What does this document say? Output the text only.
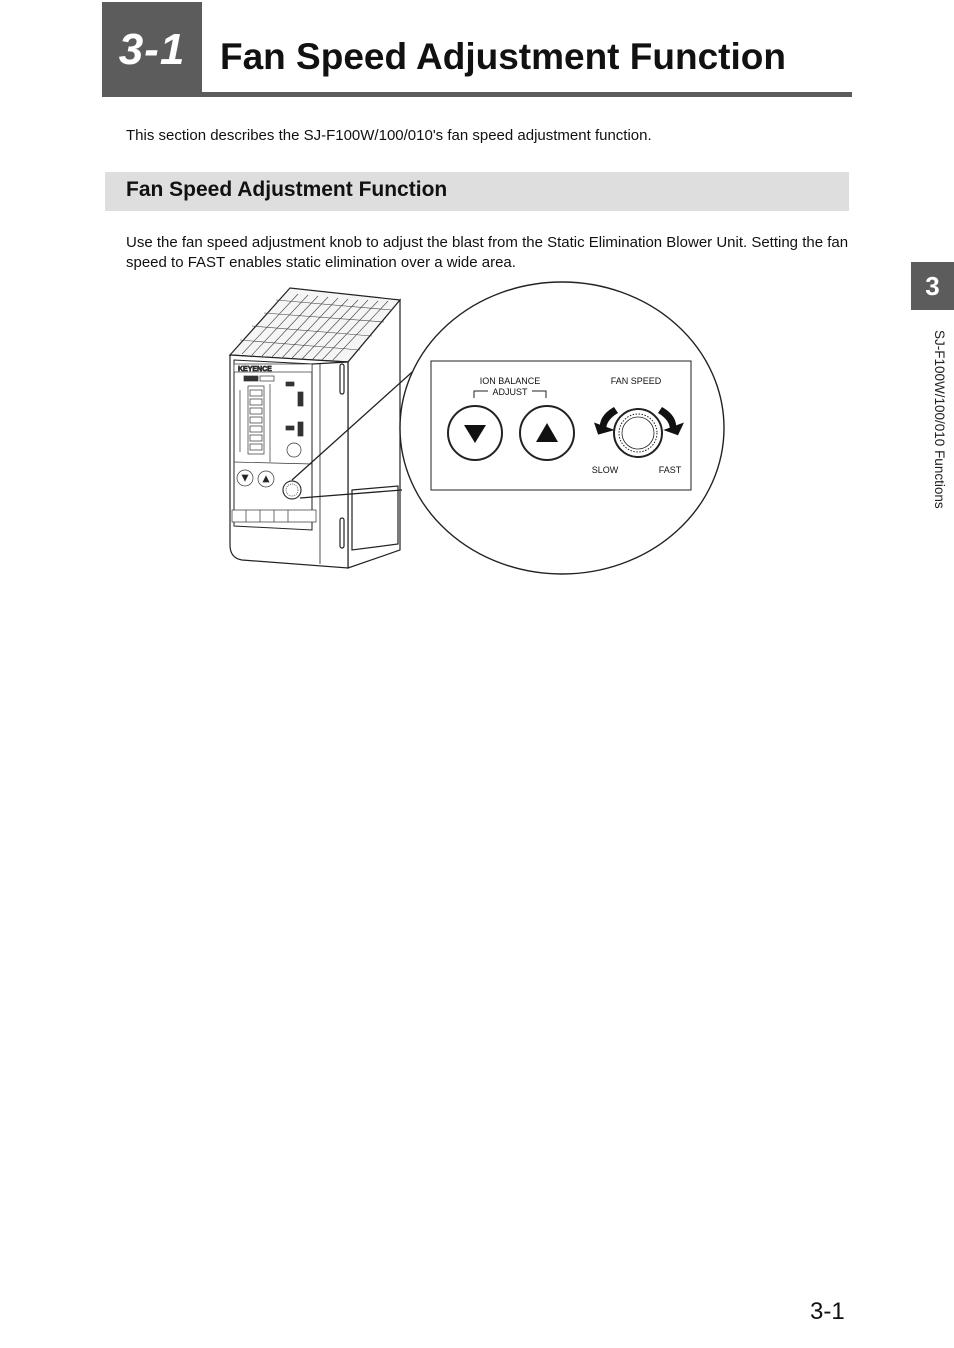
3-1 Fan Speed Adjustment Function
This section describes the SJ-F100W/100/010's fan speed adjustment function.
Fan Speed Adjustment Function
Use the fan speed adjustment knob to adjust the blast from the Static Elimination Blower Unit. Setting the fan speed to FAST enables static elimination over a wide area.
3
SJ-F100W/100/010 Functions
KEYENCE
ION BALANCE
ADJUST
FAN SPEED
SLOW	FAST
3-1
